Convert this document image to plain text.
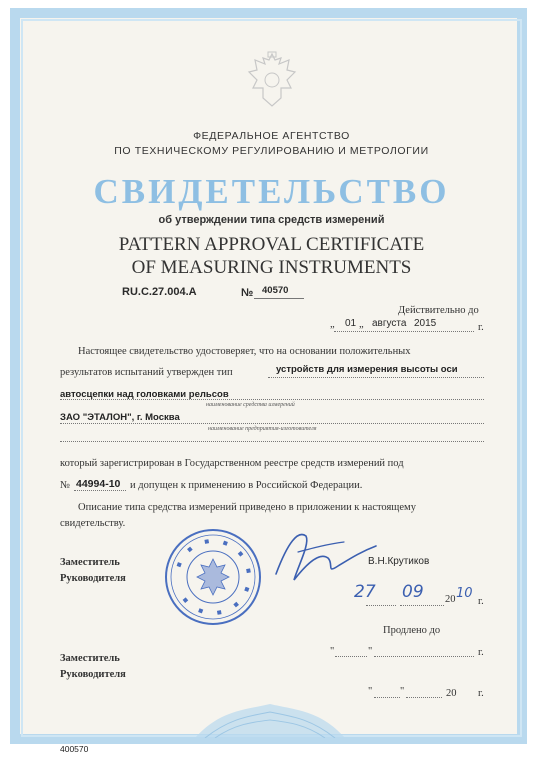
ФЕДЕРАЛЬНОЕ АГЕНТСТВО
ПО ТЕХНИЧЕСКОМУ РЕГУЛИРОВАНИЮ И МЕТРОЛОГИИ
СВИДЕТЕЛЬСТВО
об утверждении типа средств измерений
PATTERN APPROVAL CERTIFICATE
OF MEASURING INSTRUMENTS
RU.C.27.004.A	№ 40570
Действительно до
„ 01 „ августа 2015	г.
Настоящее свидетельство удостоверяет, что на основании положительных
результатов испытаний утвержден тип	устройств для измерения высоты оси
автосцепки над головками рельсов
наименование средства измерений
ЗАО "ЭТАЛОН", г. Москва
наименование предприятия-изготовителя
который зарегистрирован в Государственном реестре средств измерений под
№ 44994-10 и допущен к применению в Российской Федерации.
Описание типа средства измерений приведено в приложении к настоящему
свидетельству.
Заместитель
Руководителя
В.Н.Крутиков
27 09 20 10
г.
Продлено до
"	"	г.
Заместитель
Руководителя
"	"	20 г.
400570
